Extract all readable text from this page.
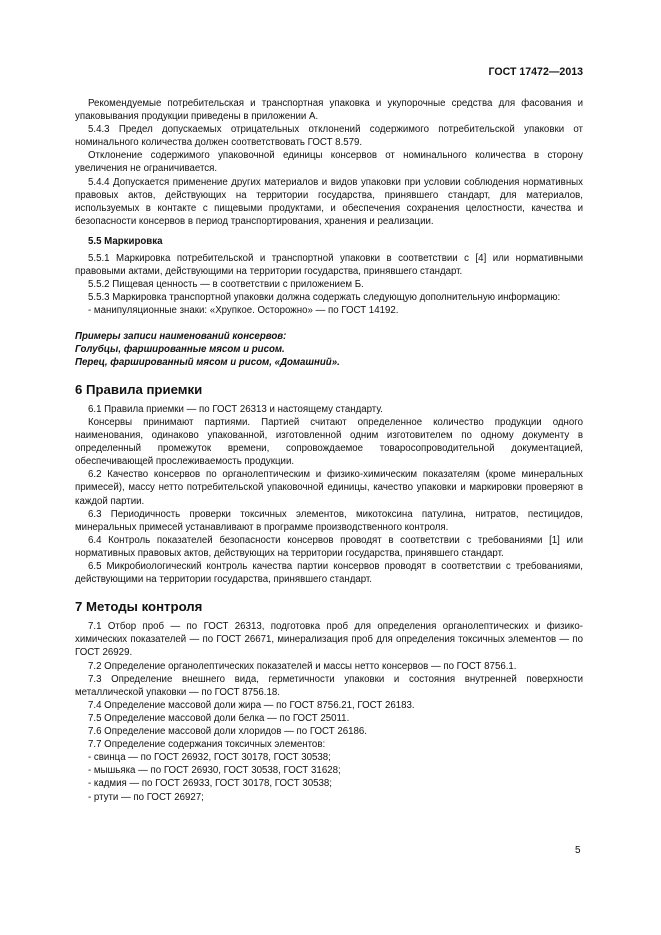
ГОСТ 17472—2013

Рекомендуемые потребительская и транспортная упаковка и укупорочные средства для фасования и упаковывания продукции приведены в приложении А.

5.4.3 Предел допускаемых отрицательных отклонений содержимого потребительской упаковки от номинального количества должен соответствовать ГОСТ 8.579.

Отклонение содержимого упаковочной единицы консервов от номинального количества в сторону увеличения не ограничивается.

5.4.4 Допускается применение других материалов и видов упаковки при условии соблюдения нормативных правовых актов, действующих на территории государства, принявшего стандарт, для материалов, используемых в контакте с пищевыми продуктами, и обеспечения сохранения целостности, качества и безопасности консервов в период транспортирования, хранения и реализации.

5.5 Маркировка

5.5.1 Маркировка потребительской и транспортной упаковки в соответствии с [4] или нормативными правовыми актами, действующими на территории государства, принявшего стандарт.

5.5.2 Пищевая ценность — в соответствии с приложением Б.

5.5.3 Маркировка транспортной упаковки должна содержать следующую дополнительную информацию:

- манипуляционные знаки: «Хрупкое. Осторожно» — по ГОСТ 14192.

Примеры записи наименований консервов:

Голубцы, фаршированные мясом и рисом.

Перец, фаршированный мясом и рисом, «Домашний».

6 Правила приемки

6.1 Правила приемки — по ГОСТ 26313 и настоящему стандарту.

Консервы принимают партиями. Партией считают определенное количество продукции одного наименования, одинаково упакованной, изготовленной одним изготовителем по одному документу в определенный промежуток времени, сопровождаемое товаросопроводительной документацией, обеспечивающей прослеживаемость продукции.

6.2 Качество консервов по органолептическим и физико-химическим показателям (кроме минеральных примесей), массу нетто потребительской упаковочной единицы, качество упаковки и маркировки проверяют в каждой партии.

6.3 Периодичность проверки токсичных элементов, микотоксина патулина, нитратов, пестицидов, минеральных примесей устанавливают в программе производственного контроля.

6.4 Контроль показателей безопасности консервов проводят в соответствии с требованиями [1] или нормативных правовых актов, действующих на территории государства, принявшего стандарт.

6.5 Микробиологический контроль качества партии консервов проводят в соответствии с требованиями, действующими на территории государства, принявшего стандарт.

7 Методы контроля

7.1 Отбор проб — по ГОСТ 26313, подготовка проб для определения органолептических и физико-химических показателей — по ГОСТ 26671, минерализация проб для определения токсичных элементов — по ГОСТ 26929.

7.2 Определение органолептических показателей и массы нетто консервов — по ГОСТ 8756.1.

7.3 Определение внешнего вида, герметичности упаковки и состояния внутренней поверхности металлической упаковки — по ГОСТ 8756.18.

7.4 Определение массовой доли жира — по ГОСТ 8756.21, ГОСТ 26183.

7.5 Определение массовой доли белка — по ГОСТ 25011.

7.6 Определение массовой доли хлоридов — по ГОСТ 26186.

7.7 Определение содержания токсичных элементов:

- свинца — по ГОСТ 26932, ГОСТ 30178, ГОСТ 30538;

- мышьяка — по ГОСТ 26930, ГОСТ 30538, ГОСТ 31628;

- кадмия — по ГОСТ 26933, ГОСТ 30178, ГОСТ 30538;

- ртути — по ГОСТ 26927;

5
